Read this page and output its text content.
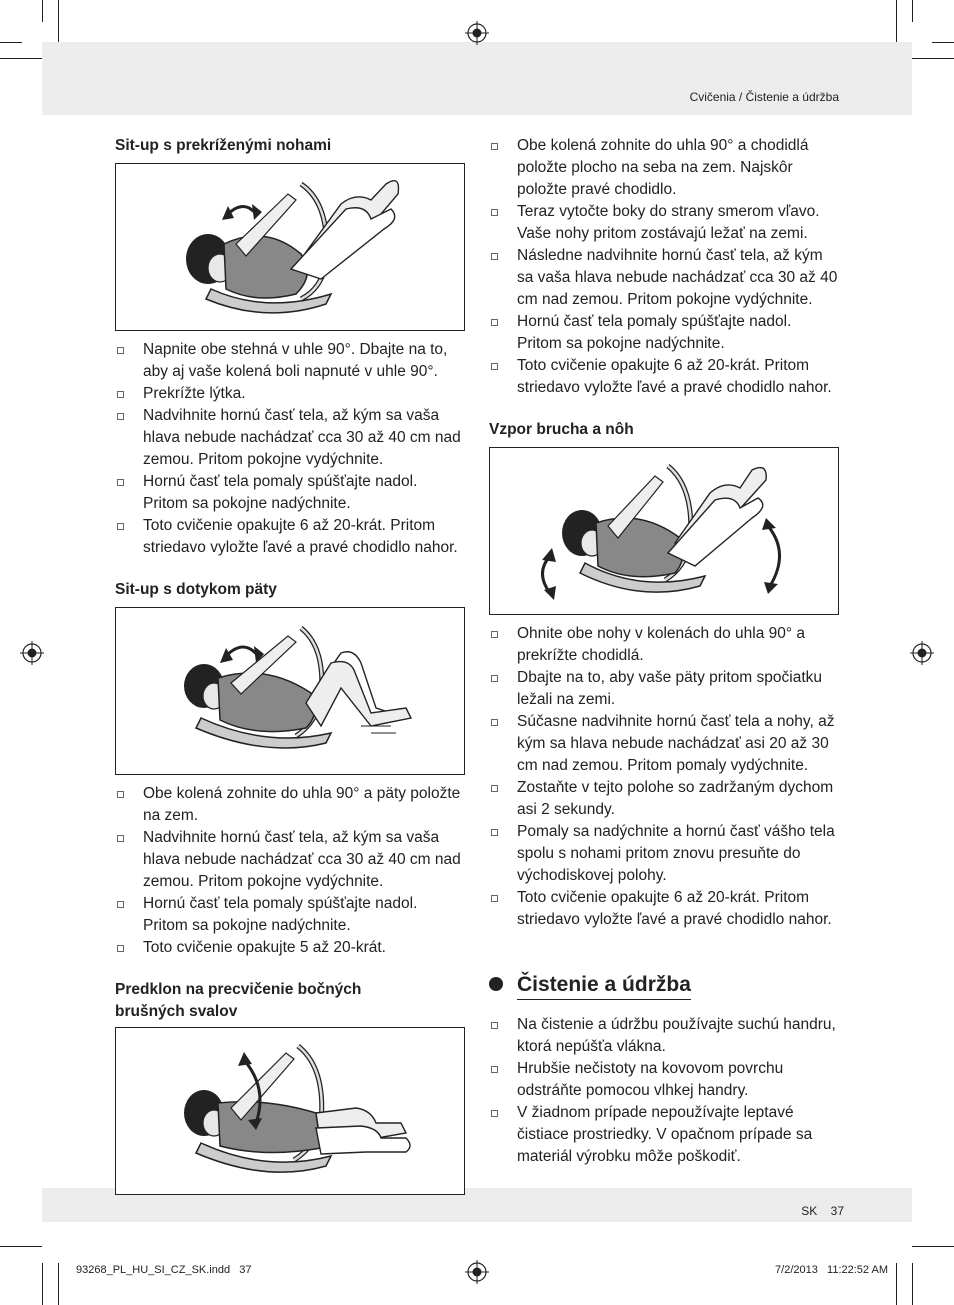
Cvičenia / Čistenie a údržba
Sit-up s prekríženými nohami
Napnite obe stehná v uhle 90°. Dbajte na to, aby aj vaše kolená boli napnuté v uhle 90°.
Prekrížte lýtka.
Nadvihnite hornú časť tela, až kým sa vaša hlava nebude nachádzať cca 30 až 40 cm nad zemou. Pritom pokojne vydýchnite.
Hornú časť tela pomaly spúšťajte nadol. Pritom sa pokojne nadýchnite.
Toto cvičenie opakujte 6 až 20-krát. Pritom striedavo vyložte ľavé a pravé chodidlo nahor.
Sit-up s dotykom päty
Obe kolená zohnite do uhla 90° a päty položte na zem.
Nadvihnite hornú časť tela, až kým sa vaša hlava nebude nachádzať cca 30 až 40 cm nad zemou. Pritom pokojne vydýchnite.
Hornú časť tela pomaly spúšťajte nadol. Pritom sa pokojne nadýchnite.
Toto cvičenie opakujte 5 až 20-krát.
Predklon na precvičenie bočných
brušných svalov
Obe kolená zohnite do uhla 90° a chodidlá položte plocho na seba na zem. Najskôr položte pravé chodidlo.
Teraz vytočte boky do strany smerom vľavo. Vaše nohy pritom zostávajú ležať na zemi.
Následne nadvihnite hornú časť tela, až kým sa vaša hlava nebude nachádzať cca 30 až 40 cm nad zemou. Pritom pokojne vydýchnite.
Hornú časť tela pomaly spúšťajte nadol. Pritom sa pokojne nadýchnite.
Toto cvičenie opakujte 6 až 20-krát. Pritom striedavo vyložte ľavé a pravé chodidlo nahor.
Vzpor brucha a nôh
Ohnite obe nohy v kolenách do uhla 90° a prekrížte chodidlá.
Dbajte na to, aby vaše päty pritom spočiatku ležali na zemi.
Súčasne nadvihnite hornú časť tela a nohy, až kým sa hlava nebude nachádzať asi 20 až 30 cm nad zemou. Pritom pomaly vydýchnite.
Zostaňte v tejto polohe so zadržaným dychom asi 2 sekundy.
Pomaly sa nadýchnite a hornú časť vášho tela spolu s nohami pritom znovu presuňte do východiskovej polohy.
Toto cvičenie opakujte 6 až 20-krát. Pritom striedavo vyložte ľavé a pravé chodidlo nahor.
Čistenie a údržba
Na čistenie a údržbu používajte suchú handru, ktorá nepúšťa vlákna.
Hrubšie nečistoty na kovovom povrchu odstráňte pomocou vlhkej handry.
V žiadnom prípade nepoužívajte leptavé čistiace prostriedky. V opačnom prípade sa materiál výrobku môže poškodiť.
SK 37
93268_PL_HU_SI_CZ_SK.indd   37	7/2/2013   11:22:52 AM
